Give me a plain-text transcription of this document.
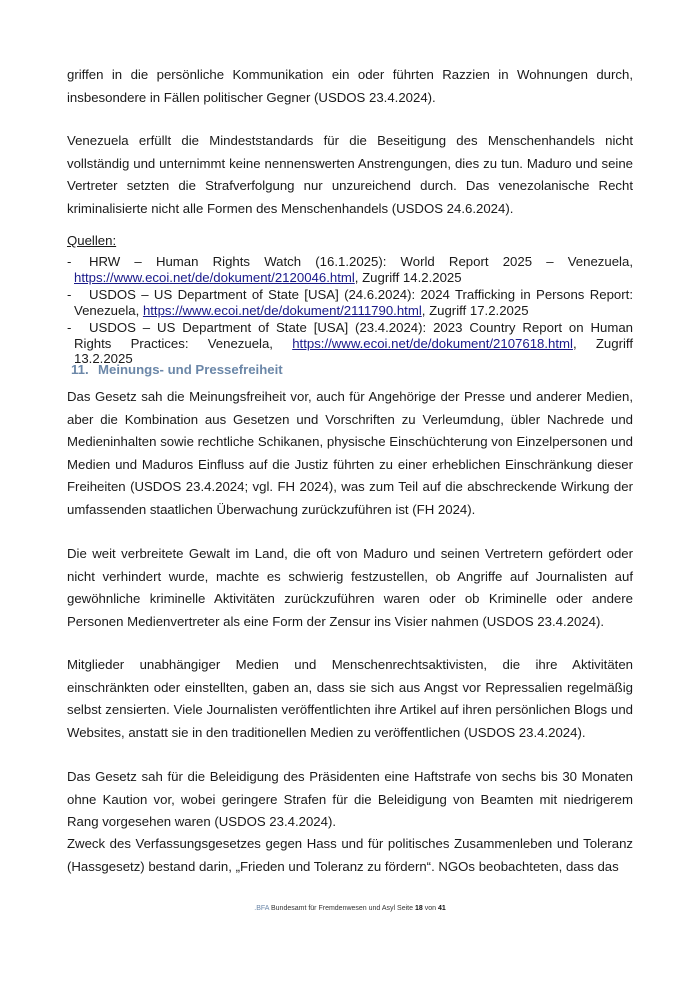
griffen in die persönliche Kommunikation ein oder führten Razzien in Wohnungen durch, insbesondere in Fällen politischer Gegner (USDOS 23.4.2024).

Venezuela erfüllt die Mindeststandards für die Beseitigung des Menschenhandels nicht vollständig und unternimmt keine nennenswerten Anstrengungen, dies zu tun. Maduro und seine Vertreter setzten die Strafverfolgung nur unzureichend durch. Das venezolanische Recht kriminalisierte nicht alle Formen des Menschenhandels (USDOS 24.6.2024).

Quellen:

- HRW – Human Rights Watch (16.1.2025): World Report 2025 – Venezuela, https://www.ecoi.net/de/dokument/2120046.html, Zugriff 14.2.2025
- USDOS – US Department of State [USA] (24.6.2024): 2024 Trafficking in Persons Report: Venezuela, https://www.ecoi.net/de/dokument/2111790.html, Zugriff 17.2.2025
- USDOS – US Department of State [USA] (23.4.2024): 2023 Country Report on Human Rights Practices: Venezuela, https://www.ecoi.net/de/dokument/2107618.html, Zugriff 13.2.2025
11. Meinungs- und Pressefreiheit

Das Gesetz sah die Meinungsfreiheit vor, auch für Angehörige der Presse und anderer Medien, aber die Kombination aus Gesetzen und Vorschriften zu Verleumdung, übler Nachrede und Medieninhalten sowie rechtliche Schikanen, physische Einschüchterung von Einzelpersonen und Medien und Maduros Einfluss auf die Justiz führten zu einer erheblichen Einschränkung dieser Freiheiten (USDOS 23.4.2024; vgl. FH 2024), was zum Teil auf die abschreckende Wirkung der umfassenden staatlichen Überwachung zurückzuführen ist (FH 2024).

Die weit verbreitete Gewalt im Land, die oft von Maduro und seinen Vertretern gefördert oder nicht verhindert wurde, machte es schwierig festzustellen, ob Angriffe auf Journalisten auf gewöhnliche kriminelle Aktivitäten zurückzuführen waren oder ob Kriminelle oder andere Personen Medienvertreter als eine Form der Zensur ins Visier nahmen (USDOS 23.4.2024).

Mitglieder unabhängiger Medien und Menschenrechtsaktivisten, die ihre Aktivitäten einschränkten oder einstellten, gaben an, dass sie sich aus Angst vor Repressalien regelmäßig selbst zensierten. Viele Journalisten veröffentlichten ihre Artikel auf ihren persönlichen Blogs und Websites, anstatt sie in den traditionellen Medien zu veröffentlichen (USDOS 23.4.2024).

Das Gesetz sah für die Beleidigung des Präsidenten eine Haftstrafe von sechs bis 30 Monaten ohne Kaution vor, wobei geringere Strafen für die Beleidigung von Beamten mit niedrigerem Rang vorgesehen waren (USDOS 23.4.2024).

Zweck des Verfassungsgesetzes gegen Hass und für politisches Zusammenleben und Toleranz (Hassgesetz) bestand darin, „Frieden und Toleranz zu fördern“. NGOs beobachteten, dass das

.BFA Bundesamt für Fremdenwesen und Asyl Seite 18 von 41
